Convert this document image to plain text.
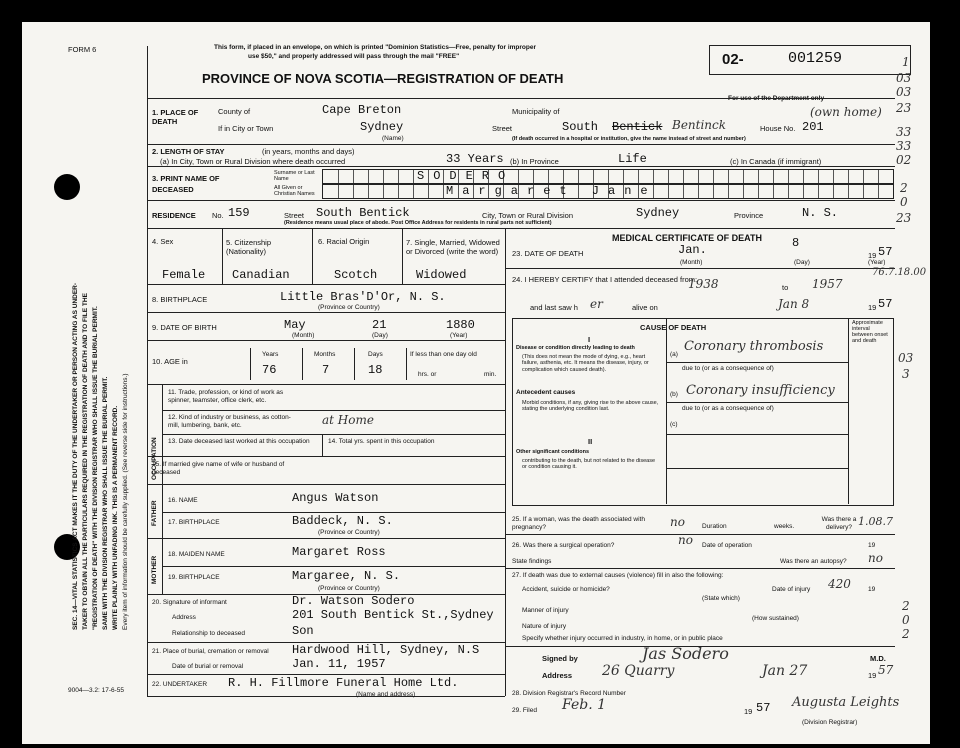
SEC. 14—VITAL STATISTICS ACT MAKES IT THE DUTY OF THE UNDERTAKER OR PERSON ACTING AS UNDER- TAKER TO OBTAIN ALL THE PARTICULARS REQUIRED IN THE REGISTRATION OF DEATH AND TO FILE THE "REGISTRATION OF DEATH" WITH THE DIVISION REGISTRAR WHO SHALL ISSUE THE BURIAL PERMIT. SAME WITH THE DIVISION REGISTRAR WHO SHALL ISSUE THE BURIAL PERMIT. WRITE PLAINLY WITH UNFADING INK. THIS IS A PERMANENT RECORD. Every item of information should be carefully supplied. (See reverse side for instructions.)
FORM 6	This form, if placed in an envelope, on which is printed "Dominion Statistics—Free, penalty for improper
use $50," and properly addressed will pass through the mail "FREE"
PROVINCE OF NOVA SCOTIA—REGISTRATION OF DEATH
02-	001259	1
03
03
23
33
33
02
2
0
23
1. PLACE OF DEATH
County of	Cape Breton	Municipality of
If in City or Town	Sydney
(Name)
Street	South Bentick Bentinck	House No. 201
(own home)
(If death occurred in a hospital or institution, give the name instead of street and number)
2. LENGTH OF STAY	(in years, months and days)
(a) In City, Town or Rural Division where death occurred	33 Years (b) In Province	Life	(c) In Canada (if immigrant)
3. PRINT NAME OF DECEASED
Surname or Last Name	SODERO
All Given or Christian Names	Margaret Jane
RESIDENCE No. 159	Street South Bentick	City, Town or Rural Division	Sydney	Province	N. S.
(Residence means usual place of abode. Post Office Address for residents in rural parts not sufficient)
4. Sex
Female
5. Citizenship (Nationality)
Canadian
6. Racial Origin
Scotch
7. Single, Married, Widowed or Divorced (write the word)
Widowed
8. BIRTHPLACE	Little Bras'D'Or, N. S.
(Province or Country)
9. DATE OF BIRTH	May	21	1880
(Month)	(Day)	(Year)
10. AGE in
Years
76
Months
7
Days
18
If less than one day old
hrs. or	min.
OCCUPATION
11. Trade, profession, or kind of work as spinner, teamster, office clerk, etc.
12. Kind of industry or business, as cotton-mill, lumbering, bank, etc.	at Home
13. Date deceased last worked at this occupation	14. Total yrs. spent in this occupation
15. If married give name of wife or husband of deceased
FATHER 16. NAME	Angus Watson
17. BIRTHPLACE	Baddeck, N. S.
(Province or Country)
MOTHER
18. MAIDEN NAME	Margaret Ross
19. BIRTHPLACE	Margaree, N. S.
(Province or Country)
20. Signature of informant	Dr. Watson Sodero
Address	201 South Bentick St.,Sydney
Relationship to deceased	Son
21. Place of burial, cremation or removal Hardwood Hill, Sydney, N.S
Date of burial or removal	Jan. 11, 1957
22. UNDERTAKER R. H. Fillmore Funeral Home Ltd.
(Name and address)
9004—3.2: 17-6-55
MEDICAL CERTIFICATE OF DEATH
23. DATE OF DEATH	Jan.	8
19 57
(Month)	(Day)	(Year)
24. I HEREBY CERTIFY that I attended deceased from:
1938	to 1957
76.7.18.00
and last saw h er	alive on	Jan 8	19 57
CAUSE OF DEATH	Approximate interval between onset and death
I
Disease or condition directly leading to death
(This does not mean the mode of dying, e.g., heart failure, asthenia, etc. It means the disease, injury, or complication which caused death).
(a)
Coronary thrombosis
due to (or as a consequence of)
Antecedent causes
Morbid conditions, if any, giving rise to the above cause, stating the underlying condition last.
(b) Coronary insufficiency
due to (or as a consequence of)
(c)
II
Other significant conditions
contributing to the death, but not related to the disease or condition causing it.
03
3
25. If a woman, was the death associated with pregnancy?	no	Duration	weeks.
Was there a delivery? 1.08.7
26. Was there a surgical operation?	no Date of operation	19
State findings	Was there an autopsy? no
27. If death was due to external causes (violence) fill in also the following:
Accident, suicide or homicide?
(State which)
Date of injury 420	19
Manner of injury
(How sustained)
Nature of injury
Specify whether injury occurred in industry, in home, or in public place
2
0
2
Signed by	Jas Sodero	M.D.
Address 26 Quarry	Jan 27	19 57
28. Division Registrar's Record Number
29. Filed Feb. 1	19 57 Augusta Leights
(Division Registrar)
